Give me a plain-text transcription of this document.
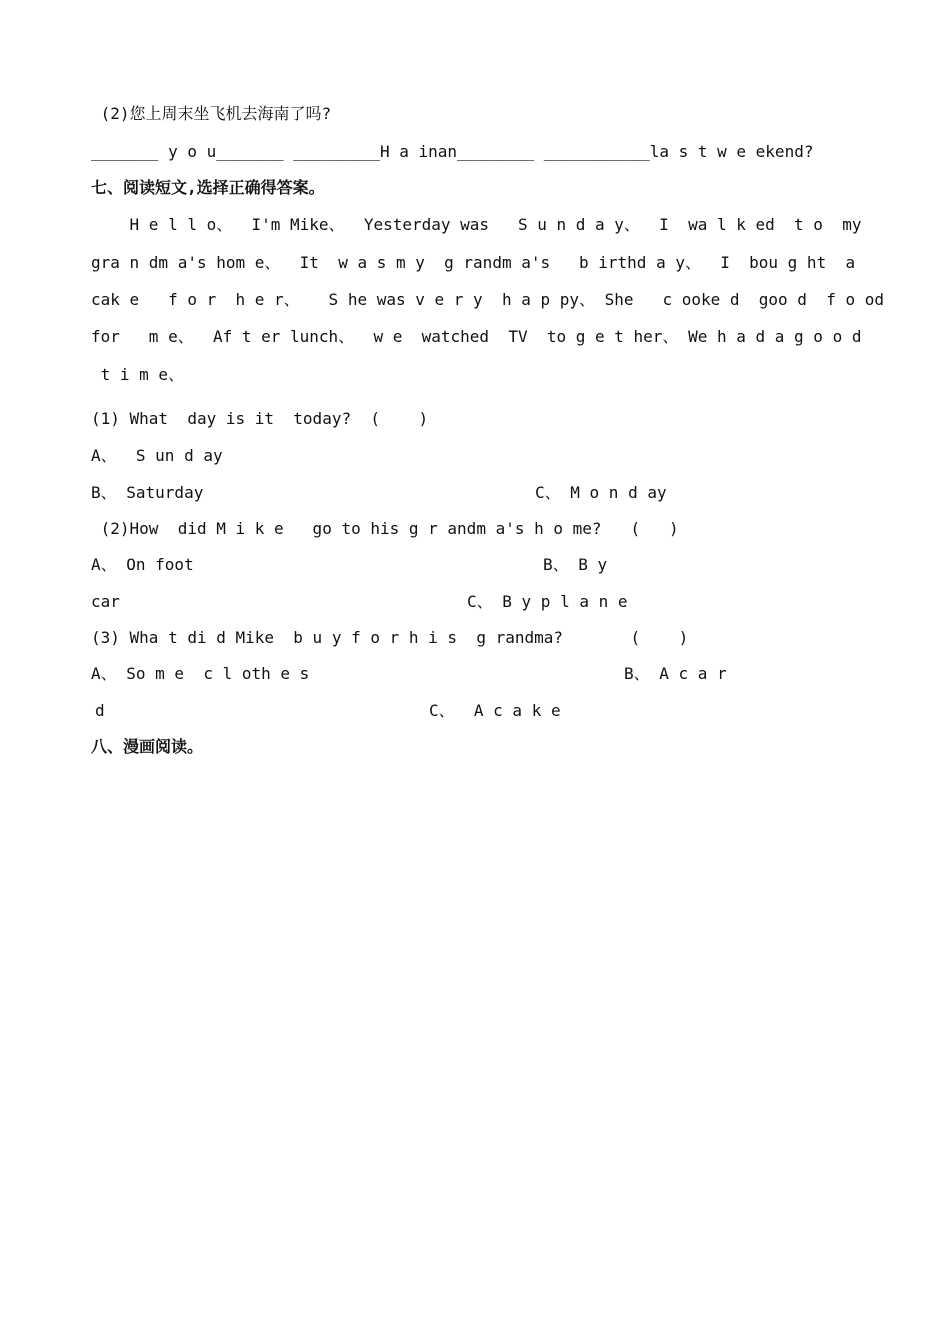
(2)您上周末坐飞机去海南了吗?
_______ y o u_______ _________H a inan________ ___________la s t w e ekend?
七、阅读短文,选择正确得答案。
H e l l o、  I'm Mike、  Yesterday was   S u n d a y、  I  wa l k ed  t o  my
gra n dm a's hom e、  It  w a s m y  g randm a's   b irthd a y、  I  bou g ht  a
cak e   f o r  h e r、   S he was v e r y  h a p py、 She   c ooke d  goo d  f o od
for   m e、  Af t er lunch、  w e  watched  TV  to g e t her、 We h a d a g o o d
t i m e、
(1) What  day is it  today?  (    )
A、  S un d ay
B、 Saturday	C、 M o n d ay
(2)How  did M i k e   go to his g r andm a's h o me?   (   )
A、 On foot	B、 B y
car	C、 B y p l a n e
(3) Wha t di d Mike  b u y f o r h i s  g randma?       (    )
A、 So m e  c l oth e s	B、 A c a r
d	C、  A c a k e
八、漫画阅读。
